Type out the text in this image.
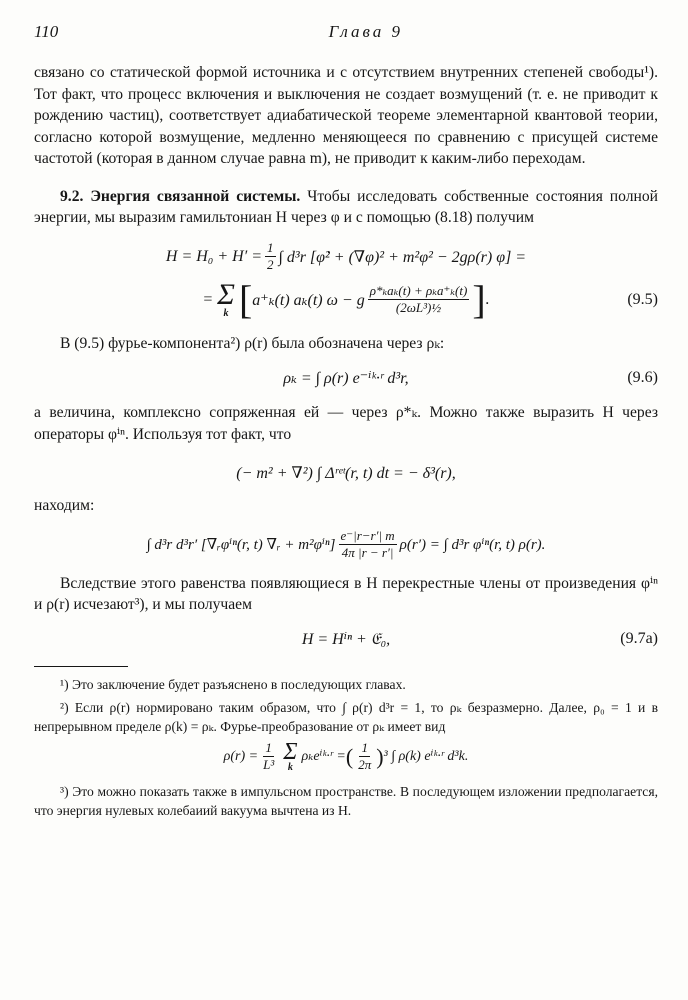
110	Глава 9

связано со статической формой источника и с отсутствием внутренних степеней свободы¹). Тот факт, что процесс включения и выключения не создает возмущений (т. е. не приводит к рождению частиц), соответствует адиабатической теореме элементарной квантовой теории, согласно которой возмущение, медленно меняющееся по сравнению с присущей системе частотой (которая в данном случае равна m), не приводит к каким-либо переходам.

9.2. Энергия связанной системы. Чтобы исследовать собственные состояния полной энергии, мы выразим гамильтониан H через φ и с помощью (8.18) получим

$H = H_0 + H' = \frac{1}{2}$ ∫ d³r [φ̇² + (∇φ)² + m²φ² − 2gρ(r) φ] =
= Σ
k [ a⁺ₖ(t) aₖ(t) ω − g $\frac{\text{ρ*ₖaₖ(t) + ρₖa⁺ₖ(t)}}{\text{(2ωL³)½}}$ ] .	(9.5)

В (9.5) фурье-компонента²) ρ(r) была обозначена через ρₖ:

ρₖ = ∫ ρ(r) e⁻ⁱᵏ·ʳ d³r,	(9.6)

а величина, комплексно сопряженная ей — через ρ*ₖ. Можно также выразить H через операторы φⁱⁿ. Используя тот факт, что

(− m² + ∇²) ∫ Δʳᵉᵗ(r, t) dt = − δ³(r),

находим:

∫ d³r d³r′ [∇ᵣφⁱⁿ(r, t) ∇ᵣ + $m^2\varphi^{in}] \frac{e^-|r-r'| m}{4\pi |r - r'|} \rho(r')$ = ∫ d³r φⁱⁿ(r, t) ρ(r).

Вследствие этого равенства появляющиеся в H перекрестные члены от произведения φⁱⁿ и ρ(r) исчезают³), и мы получаем

H = Hⁱⁿ + 𝔈₀,	(9.7a)

¹) Это заключение будет разъяснено в последующих главах.

²) Если ρ(r) нормировано таким образом, что ∫ ρ(r) d³r = 1, то ρₖ безразмерно. Далее, ρ₀ = 1 и в непрерывном пределе ρ(k) = ρₖ. Фурье-преобразование от ρₖ имеет вид

$\rho(r) = \frac{1}{\text{L³}}$ Σ
k
ρₖeⁱᵏ·ʳ = ( $\frac{1}{2\pi}$ ) ³ ∫ ρ(k) eⁱᵏ·ʳ d³k.

³) Это можно показать также в импульсном пространстве. В последующем изложении предполагается, что энергия нулевых колебаиий вакуума вычтена из H.
